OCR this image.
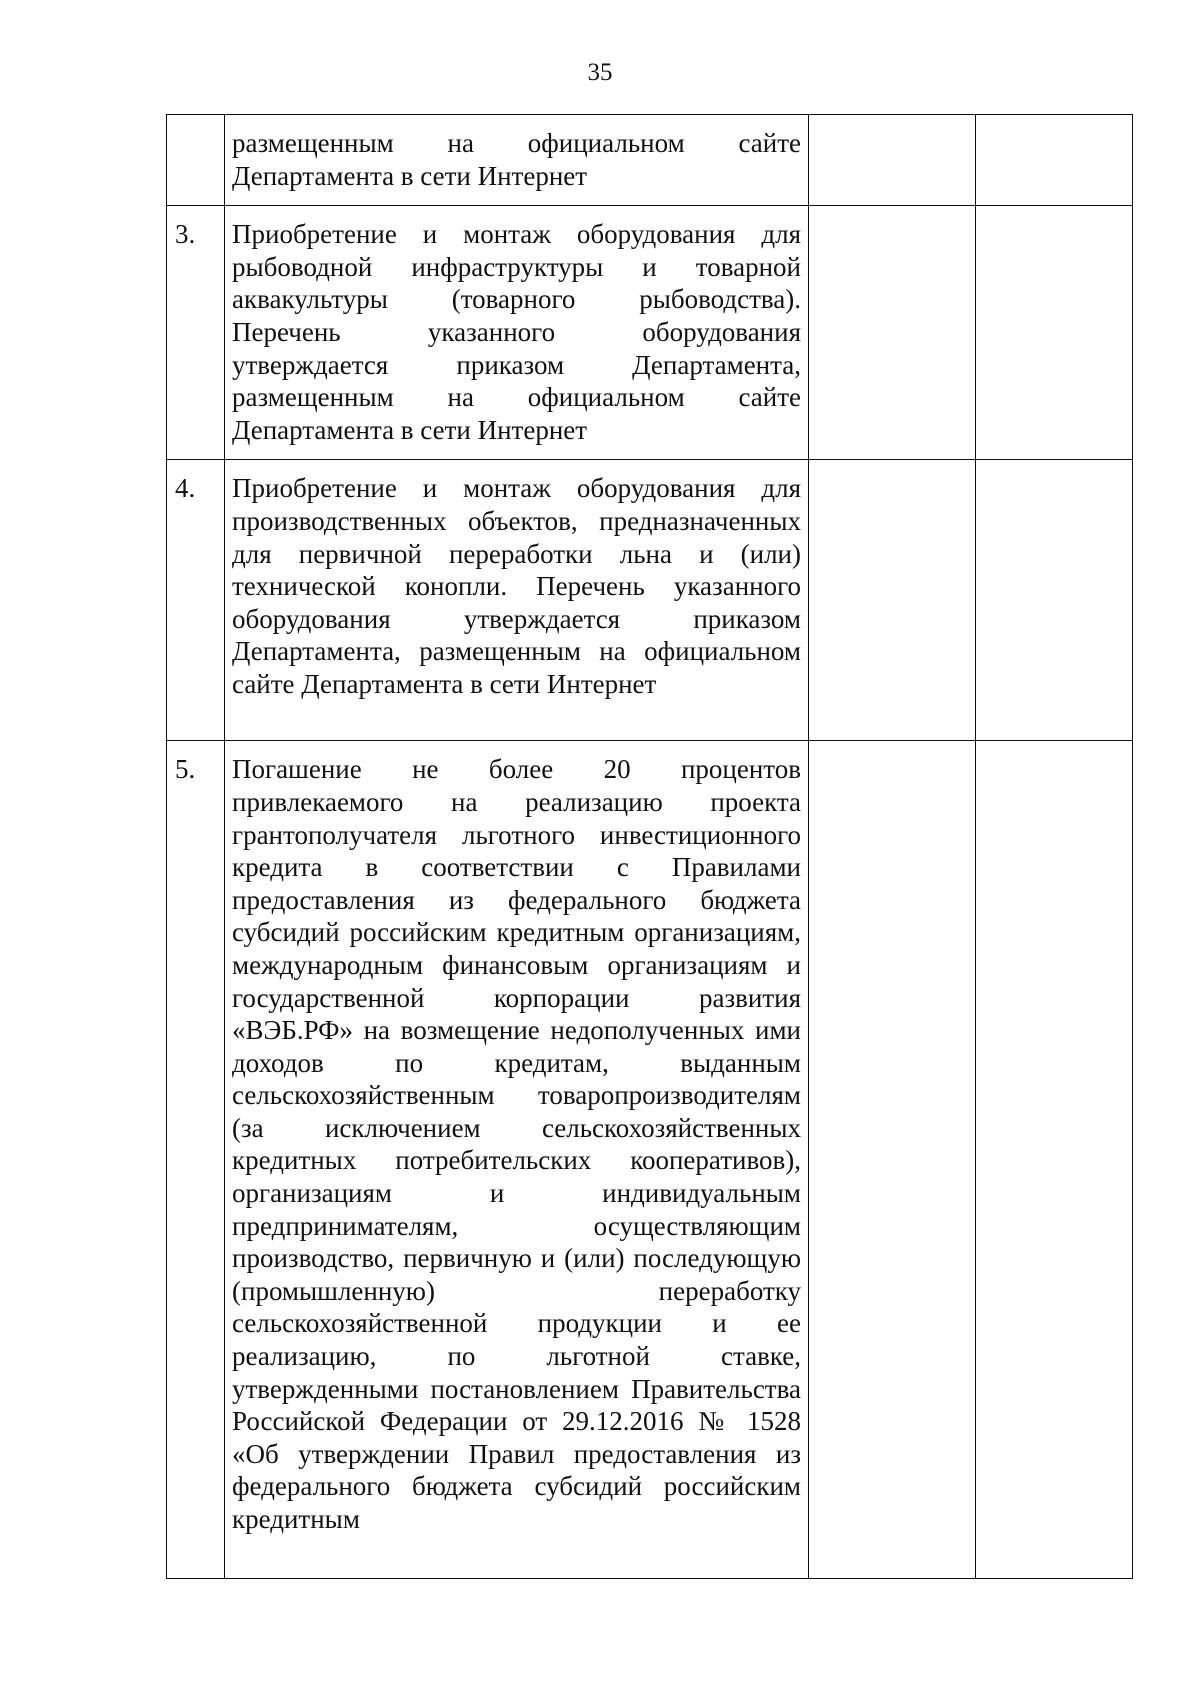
35
	размещенным на официальном сайте Департамента в сети Интернет		
3.	Приобретение и монтаж оборудования для рыбоводной инфраструктуры и товарной аквакультуры (товарного рыбоводства). Перечень указанного оборудования утверждается приказом Департамента, размещенным на официальном сайте Департамента в сети Интернет		
4.	Приобретение и монтаж оборудования для производственных объектов, предназначенных для первичной переработки льна и (или) технической конопли. Перечень указанного оборудования утверждается приказом Департамента, размещенным на официальном сайте Департамента в сети Интернет		
5.	Погашение не более 20 процентов привлекаемого на реализацию проекта грантополучателя льготного инвестиционного кредита в соответствии с Правилами предоставления из федерального бюджета субсидий российским кредитным организациям, международным финансовым организациям и государственной корпорации развития «ВЭБ.РФ» на возмещение недополученных ими доходов по кредитам, выданным сельскохозяйственным товаропроизводителям (за исключением сельскохозяйственных кредитных потребительских кооперативов), организациям и индивидуальным предпринимателям, осуществляющим производство, первичную и (или) последующую (промышленную) переработку сельскохозяйственной продукции и ее реализацию, по льготной ставке, утвержденными постановлением Правительства Российской Федерации от 29.12.2016 № 1528 «Об утверждении Правил предоставления из федерального бюджета субсидий российским кредитным		
